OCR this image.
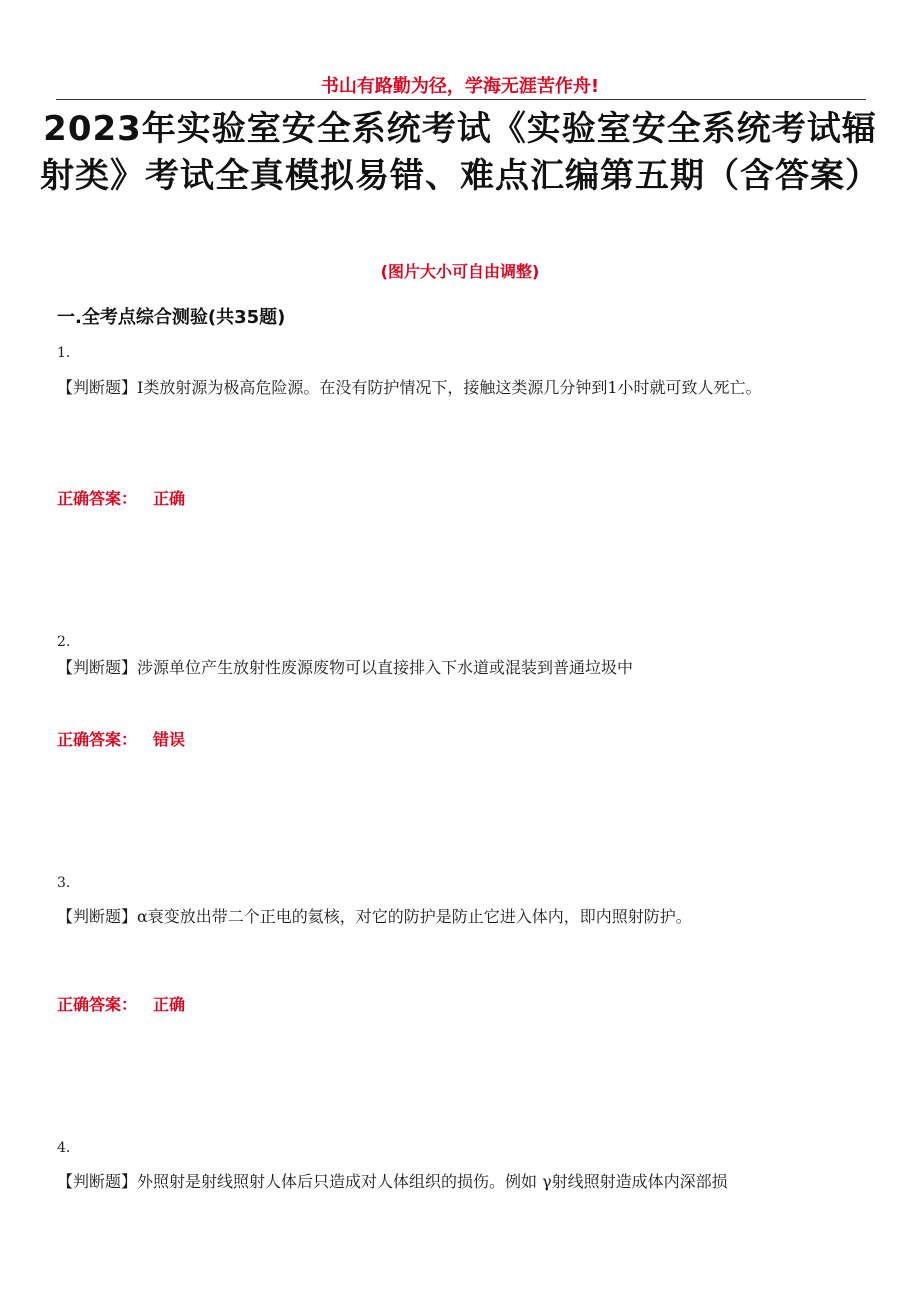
书山有路勤为径，学海无涯苦作舟!
2023年实验室安全系统考试《实验室安全系统考试辐射类》考试全真模拟易错、难点汇编第五期（含答案）
(图片大小可自由调整)
一.全考点综合测验(共35题)
1.
【判断题】Ⅰ类放射源为极高危险源。在没有防护情况下，接触这类源几分钟到1小时就可致人死亡。
正确答案： 正确
2.
【判断题】涉源单位产生放射性废源废物可以直接排入下水道或混装到普通垃圾中
正确答案： 错误
3.
【判断题】α衰变放出带二个正电的氦核，对它的防护是防止它进入体内，即内照射防护。
正确答案： 正确
4.
【判断题】外照射是射线照射人体后只造成对人体组织的损伤。例如 γ射线照射造成体内深部损
